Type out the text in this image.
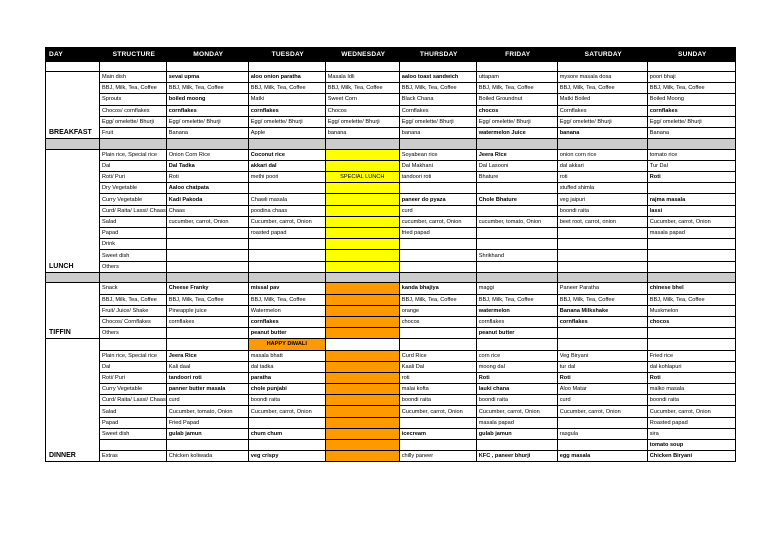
DAY	STRUCTURE	MONDAY	TUESDAY	WEDNESDAY	THURSDAY	FRIDAY	SATURDAY	SUNDAY

BREAKFAST	Main dish	sevai upma	aloo onion paratha	Masala Idli	aaloo toast sandwich	uttapam	mysore masala dosa	poori bhaji
	BBJ, Milk, Tea, Coffee	BBJ, Milk, Tea, Coffee	BBJ, Milk, Tea, Coffee	BBJ, Milk, Tea, Coffee	BBJ, Milk, Tea, Coffee	BBJ, Milk, Tea, Coffee	BBJ, Milk, Tea, Coffee	BBJ, Milk, Tea, Coffee
	Sprouts	boiled moong	Matki	Sweet Corn	Black Chana	Boiled Groundnut	Matki Boiled	Boiled Moong
	Chocos/ cornflakes	cornflakes	cornflakes	Chocos	Cornflakes	chocos	Cornflakes	cornflakes
	Egg/ omelette/ Bhurji	Egg/ omelette/ Bhurji	Egg/ omelette/ Bhurji	Egg/ omelette/ Bhurji	Egg/ omelette/ Bhurji	Egg/ omelette/ Bhurji	Egg/ omelette/ Bhurji	Egg/ omelette/ Bhurji
	Fruit	Banana	Apple	banana	banana	watermelon Juice	banana	Banana

LUNCH	Plain rice, Special rice	Onion Corn Rice	Coconut rice		Soyabean rice	Jeera Rice	onion corn rice	tomato rice
	Dal	Dal Tadka	akkari dal		Dal Makhani	Dal Lasooni	dal akkari	Tur Dal
	Roti/ Puri	Roti	methi poori	SPECIAL LUNCH	tandoori roti	Bhature	roti	Roti
	Dry Vegetable	Aaloo chatpata					stuffed shimla	
	Curry Vegetable	Kadi Pakoda	Chawli masala		paneer do pyaza	Chole Bhature	veg jaipuri	rajma masala
	Curd/ Raita/ Lassi/ Chaas	Chaas	poodina chaas		curd		boondi raita	lassi
	Salad	cucumber, carrot, Onion	Cucumber, carrot, Onion		cucumber, carrot, Onion	cucumber, tomato, Onion	beet root, carrot, onion	Cucumber, carrot, Onion
	Papad		roasted papad		fried papad			masala papad
	Drink							
	Sweet dish					Shrikhand		
	Others							

TIFFIN	Snack	Cheese Franky	missal pav		kanda bhajiya	maggi	Paneer Paratha	chinese bhel
	BBJ, Milk, Tea, Coffee	BBJ, Milk, Tea, Coffee	BBJ, Milk, Tea, Coffee		BBJ, Milk, Tea, Coffee	BBJ, Milk, Tea, Coffee	BBJ, Milk, Tea, Coffee	BBJ, Milk, Tea, Coffee
	Fruit/ Juice/ Shake	Pineapple juice	Watermelon		orange	watermelon	Banana Milkshake	Muskmelon
	Chocos/ Cornflakes	cornflakes	cornflakes		chocos	cornflakes	cornflakes	chocos
	Others		peanut butter			peanut butter		
DINNER			HAPPY DIWALI					
	Plain rice, Special rice	Jeera Rice	masala bhatt		Curd Rice	corn rice	Veg Biryani	Fried rice
	Dal	Kali daal	dal tadka		Kaali Dal	moong dal	tur dal	dal kohlapuri
	Roti/ Puri	tandoori roti	paratha		roti	Roti	Roti	Roti
	Curry Vegetable	panner butter masala	chole punjabi		malai kofta	lauki chana	Aloo Matar	malko masala
	Curd/ Raita/ Lassi/ Chaas	curd	boondi raita		boondi raita	boondi raita	curd	boondi raita
	Salad	Cucumber, tomato, Onion	Cucumber, carrot, Onion		Cucumber, carrot, Onion	Cucumber, carrot, Onion	Cucumber, carrot, Onion	Cucumber, carrot, Onion
	Papad	Fried Papad				masala papad		Roasted papad
	Sweet dish	gulab jamun	chum chum		icecream	gulab jamun	rasgula	sira
								tomato soup
	Extras	Chicken koliwada	veg crispy		chilly paneer	KFC , paneer bhurji	egg masala	Chicken Biryani
